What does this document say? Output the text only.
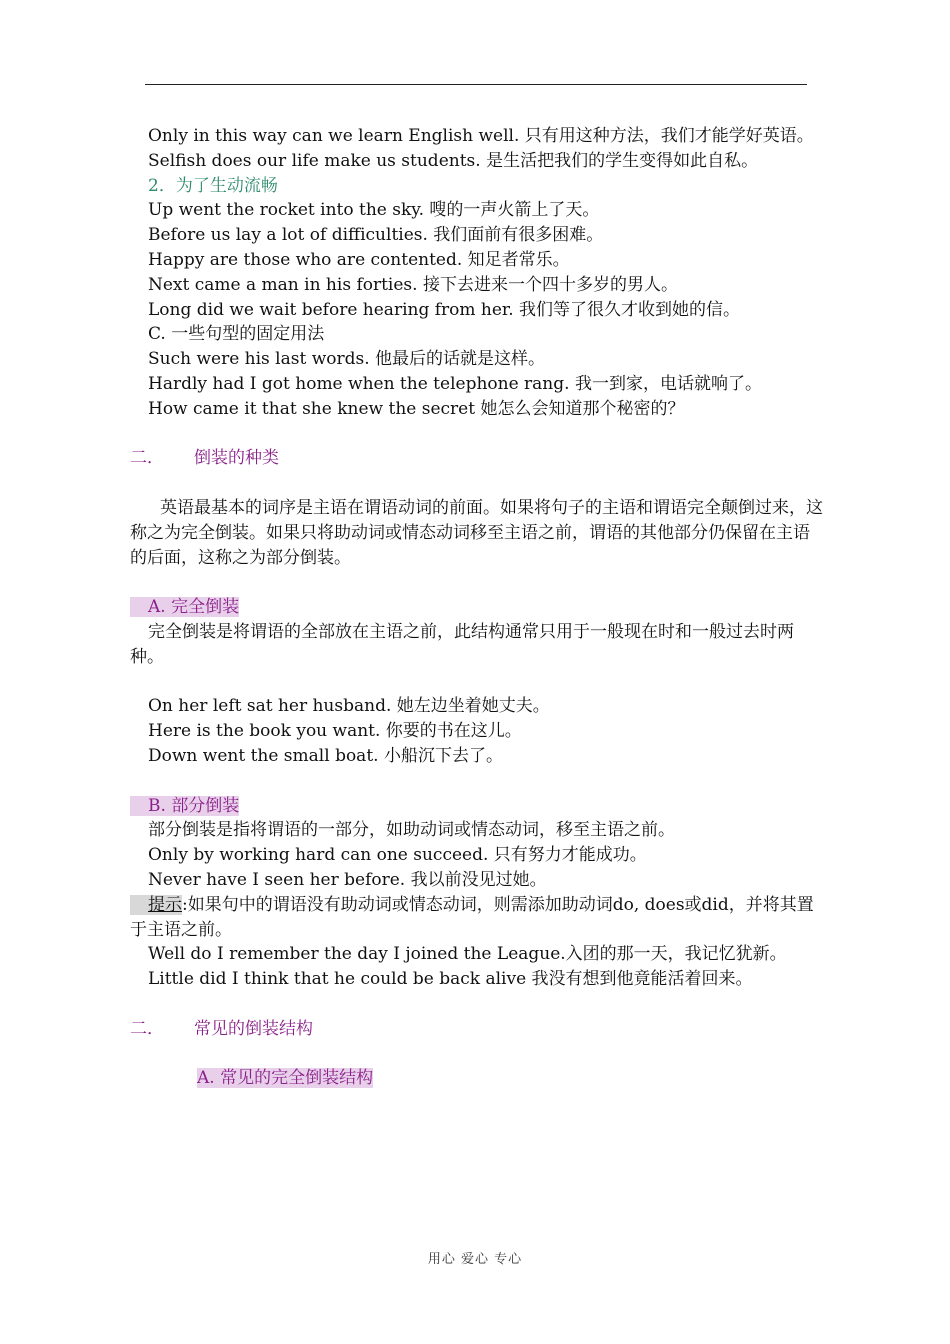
Only in this way can we learn English well. 只有用这种方法，我们才能学好英语。

Selfish does our life make us students. 是生活把我们的学生变得如此自私。

2．为了生动流畅

Up went the rocket into the sky. 嗖的一声火箭上了天。

Before us lay a lot of difficulties. 我们面前有很多困难。

Happy are those who are contented. 知足者常乐。

Next came a man in his forties. 接下去进来一个四十多岁的男人。

Long did we wait before hearing from her. 我们等了很久才收到她的信。

C. 一些句型的固定用法

Such were his last words. 他最后的话就是这样。

Hardly had I got home when the telephone rang. 我一到家，电话就响了。

How came it that she knew the secret 她怎么会知道那个秘密的？

二． 倒装的种类

英语最基本的词序是主语在谓语动词的前面。如果将句子的主语和谓语完全颠倒过来，这称之为完全倒装。如果只将助动词或情态动词移至主语之前，谓语的其他部分仍保留在主语的后面，这称之为部分倒装。

A. 完全倒装

完全倒装是将谓语的全部放在主语之前，此结构通常只用于一般现在时和一般过去时两种。

On her left sat her husband. 她左边坐着她丈夫。

Here is the book you want. 你要的书在这儿。

Down went the small boat. 小船沉下去了。

B. 部分倒装

部分倒装是指将谓语的一部分，如助动词或情态动词，移至主语之前。

Only by working hard can one succeed. 只有努力才能成功。

Never have I seen her before. 我以前没见过她。

提示:如果句中的谓语没有助动词或情态动词，则需添加助动词do, does或did，并将其置于主语之前。

Well do I remember the day I joined the League.入团的那一天，我记忆犹新。

Little did I think that he could be back alive 我没有想到他竟能活着回来。

二． 常见的倒装结构

A. 常见的完全倒装结构

用心 爱心 专心
